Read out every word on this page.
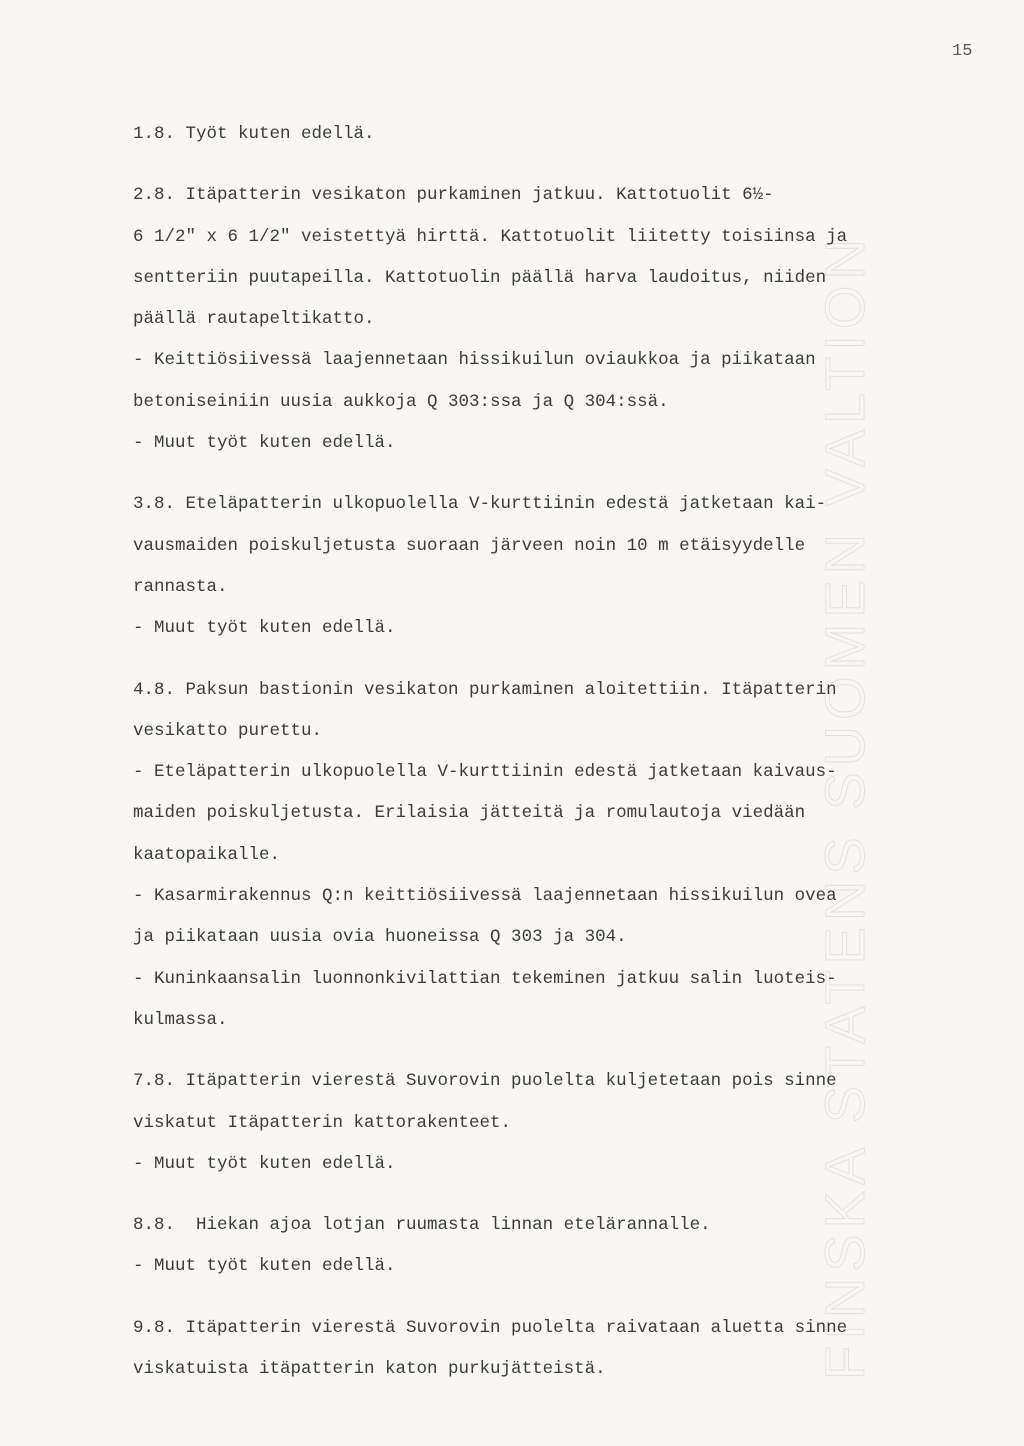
FINSKA STATENS SUOMEN VALTION
15
1.8. Työt kuten edellä.
2.8. Itäpatterin vesikaton purkaminen jatkuu. Kattotuolit 6½-
6 1/2" x 6 1/2" veistettyä hirttä. Kattotuolit liitetty toisiinsa ja
sentteriin puutapeilla. Kattotuolin päällä harva laudoitus, niiden
päällä rautapeltikatto.
- Keittiösiivessä laajennetaan hissikuilun oviaukkoa ja piikataan
betoniseiniin uusia aukkoja Q 303:ssa ja Q 304:ssä.
- Muut työt kuten edellä.
3.8. Eteläpatterin ulkopuolella V-kurttiinin edestä jatketaan kai-
vausmaiden poiskuljetusta suoraan järveen noin 10 m etäisyydelle
rannasta.
- Muut työt kuten edellä.
4.8. Paksun bastionin vesikaton purkaminen aloitettiin. Itäpatterin
vesikatto purettu.
- Eteläpatterin ulkopuolella V-kurttiinin edestä jatketaan kaivaus-
maiden poiskuljetusta. Erilaisia jätteitä ja romulautoja viedään
kaatopaikalle.
- Kasarmirakennus Q:n keittiösiivessä laajennetaan hissikuilun ovea
ja piikataan uusia ovia huoneissa Q 303 ja 304.
- Kuninkaansalin luonnonkivilattian tekeminen jatkuu salin luoteis-
kulmassa.
7.8. Itäpatterin vierestä Suvorovin puolelta kuljetetaan pois sinne
viskatut Itäpatterin kattorakenteet.
- Muut työt kuten edellä.
8.8.  Hiekan ajoa lotjan ruumasta linnan etelärannalle.
- Muut työt kuten edellä.
9.8. Itäpatterin vierestä Suvorovin puolelta raivataan aluetta sinne
viskatuista itäpatterin katon purkujätteistä.
